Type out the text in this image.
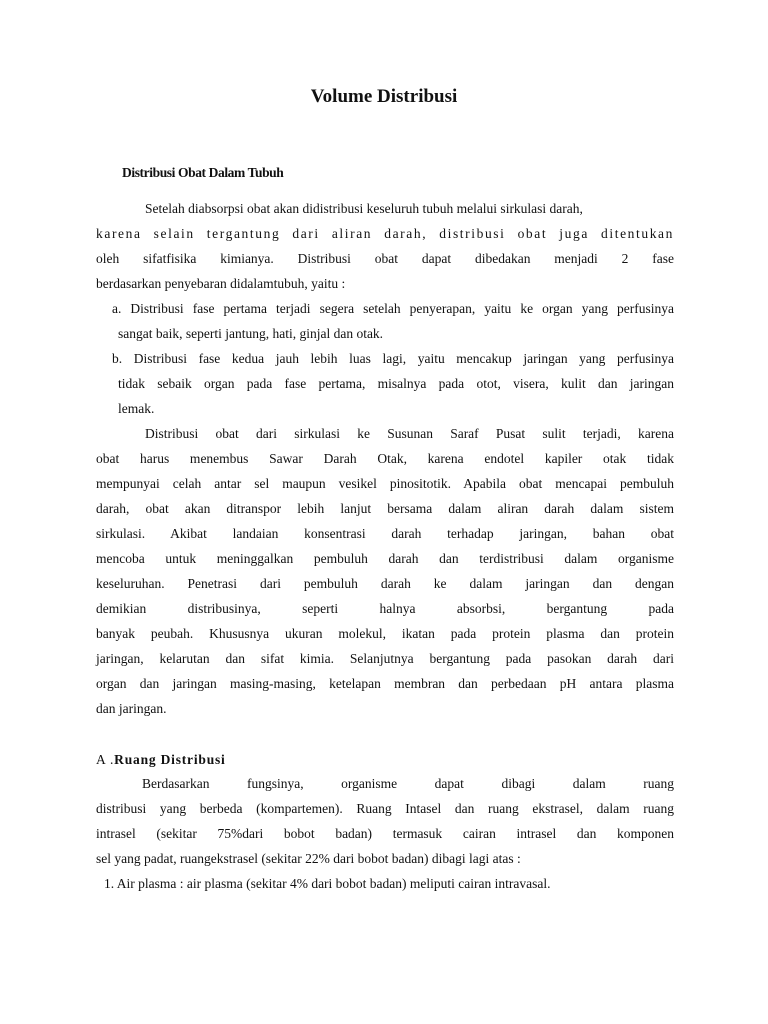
Volume Distribusi
Distribusi Obat Dalam Tubuh
Setelah diabsorpsi obat akan didistribusi keseluruh tubuh melalui sirkulasi darah,
karena selain tergantung dari aliran darah, distribusi obat juga ditentukan
oleh sifatfisika kimianya. Distribusi obat dapat dibedakan menjadi 2 fase
berdasarkan penyebaran didalamtubuh, yaitu :
a. Distribusi fase pertama terjadi segera setelah penyerapan, yaitu ke organ yang perfusinya
sangat baik, seperti jantung, hati, ginjal dan otak.
b. Distribusi fase kedua jauh lebih luas lagi, yaitu mencakup jaringan yang perfusinya
tidak sebaik organ pada fase pertama, misalnya pada otot, visera, kulit dan jaringan
lemak.
Distribusi obat dari sirkulasi ke Susunan Saraf Pusat sulit terjadi, karena
obat harus menembus Sawar Darah Otak, karena endotel kapiler otak tidak
mempunyai celah antar sel maupun vesikel pinositotik. Apabila obat mencapai pembuluh
darah, obat akan ditranspor lebih lanjut bersama dalam aliran darah dalam sistem
sirkulasi. Akibat landaian konsentrasi darah terhadap jaringan, bahan obat
mencoba untuk meninggalkan pembuluh darah dan terdistribusi dalam organisme
keseluruhan. Penetrasi dari pembuluh darah ke dalam jaringan dan dengan
demikian distribusinya, seperti halnya absorbsi, bergantung pada
banyak peubah. Khususnya ukuran molekul, ikatan pada protein plasma dan protein
jaringan, kelarutan dan sifat kimia. Selanjutnya bergantung pada pasokan darah dari
organ dan jaringan masing-masing, ketelapan membran dan perbedaan pH antara plasma
dan jaringan.
A .Ruang Distribusi
Berdasarkan fungsinya, organisme dapat dibagi dalam ruang
distribusi yang berbeda (kompartemen). Ruang Intasel dan ruang ekstrasel, dalam ruang
intrasel (sekitar 75%dari bobot badan) termasuk cairan intrasel dan komponen
sel yang padat, ruangekstrasel (sekitar 22% dari bobot badan) dibagi lagi atas :
1. Air plasma : air plasma (sekitar 4% dari bobot badan) meliputi cairan intravasal.
